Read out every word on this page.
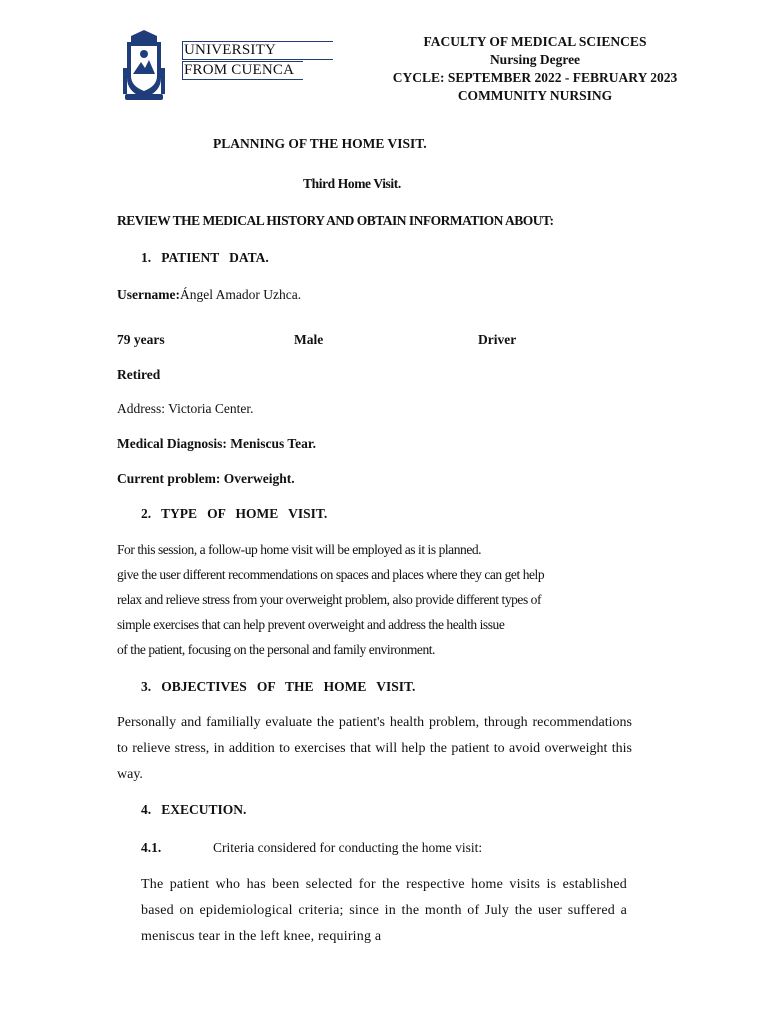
UNIVERSITY
FROM CUENCA
FACULTY OF MEDICAL SCIENCES
Nursing Degree
CYCLE: SEPTEMBER 2022 - FEBRUARY 2023
COMMUNITY NURSING
PLANNING OF THE HOME VISIT.
Third Home Visit.
REVIEW THE MEDICAL HISTORY AND OBTAIN INFORMATION ABOUT:
1.   PATIENT   DATA.
Username:Ángel Amador Uzhca.
79 years	Male	Driver
Retired
Address: Victoria Center.
Medical Diagnosis: Meniscus Tear.
Current problem: Overweight.
2.   TYPE   OF   HOME   VISIT.
For this session, a follow-up home visit will be employed as it is planned.
give the user different recommendations on spaces and places where they can get help
relax and relieve stress from your overweight problem, also provide different types of
simple exercises that can help prevent overweight and address the health issue
of the patient, focusing on the personal and family environment.
3.   OBJECTIVES   OF   THE   HOME   VISIT.
Personally and familially evaluate the patient's health problem, through recommendations to relieve stress, in addition to exercises that will help the patient to avoid overweight this way.
4.   EXECUTION.
4.1.	Criteria considered for conducting the home visit:
The patient who has been selected for the respective home visits is established based on epidemiological criteria; since in the month of July the user suffered a meniscus tear in the left knee, requiring a
